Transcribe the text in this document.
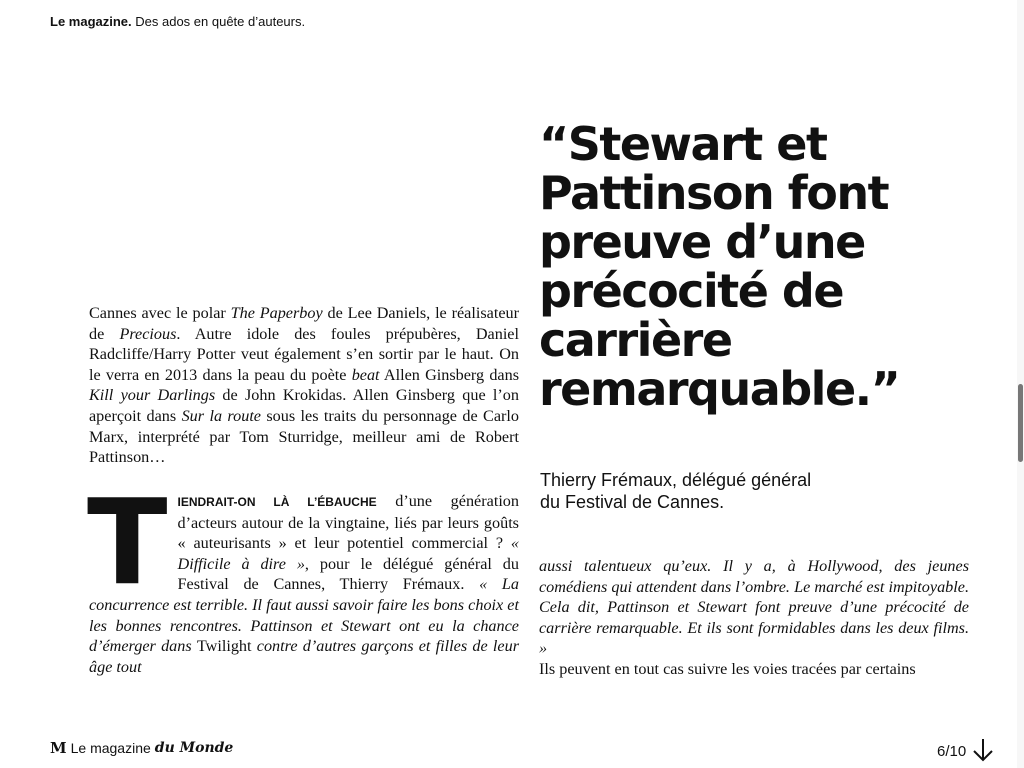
Le magazine. Des ados en quête d’auteurs.
“Stewart et Pattinson font preuve d’une précocité de carrière remarquable.”
Thierry Frémaux, délégué général
du Festival de Cannes.

Cannes avec le polar The Paperboy de Lee Daniels, le réalisateur de Precious. Autre idole des foules prépubères, Daniel Radcliffe/Harry Potter veut également s’en sortir par le haut. On le verra en 2013 dans la peau du poète beat Allen Ginsberg dans Kill your Darlings de John Krokidas. Allen Ginsberg que l’on aperçoit dans Sur la route sous les traits du personnage de Carlo Marx, interprété par Tom Sturridge, meilleur ami de Robert Pattinson…

TIENDRAIT-ON LÀ L’ÉBAUCHE d’une génération d’acteurs autour de la vingtaine, liés par leurs goûts « auteurisants » et leur potentiel commercial ? « Difficile à dire », pour le délégué général du Festival de Cannes, Thierry Frémaux. « La concurrence est terrible. Il faut aussi savoir faire les bons choix et les bonnes rencontres. Pattinson et Stewart ont eu la chance d’émerger dans Twilight contre d’autres garçons et filles de leur âge tout

aussi talentueux qu’eux. Il y a, à Hollywood, des jeunes comédiens qui attendent dans l’ombre. Le marché est impitoyable. Cela dit, Pattinson et Stewart font preuve d’une précocité de carrière remarquable. Et ils sont formidables dans les deux films. »

Ils peuvent en tout cas suivre les voies tracées par certains

M Le magazine du Monde	6/10
